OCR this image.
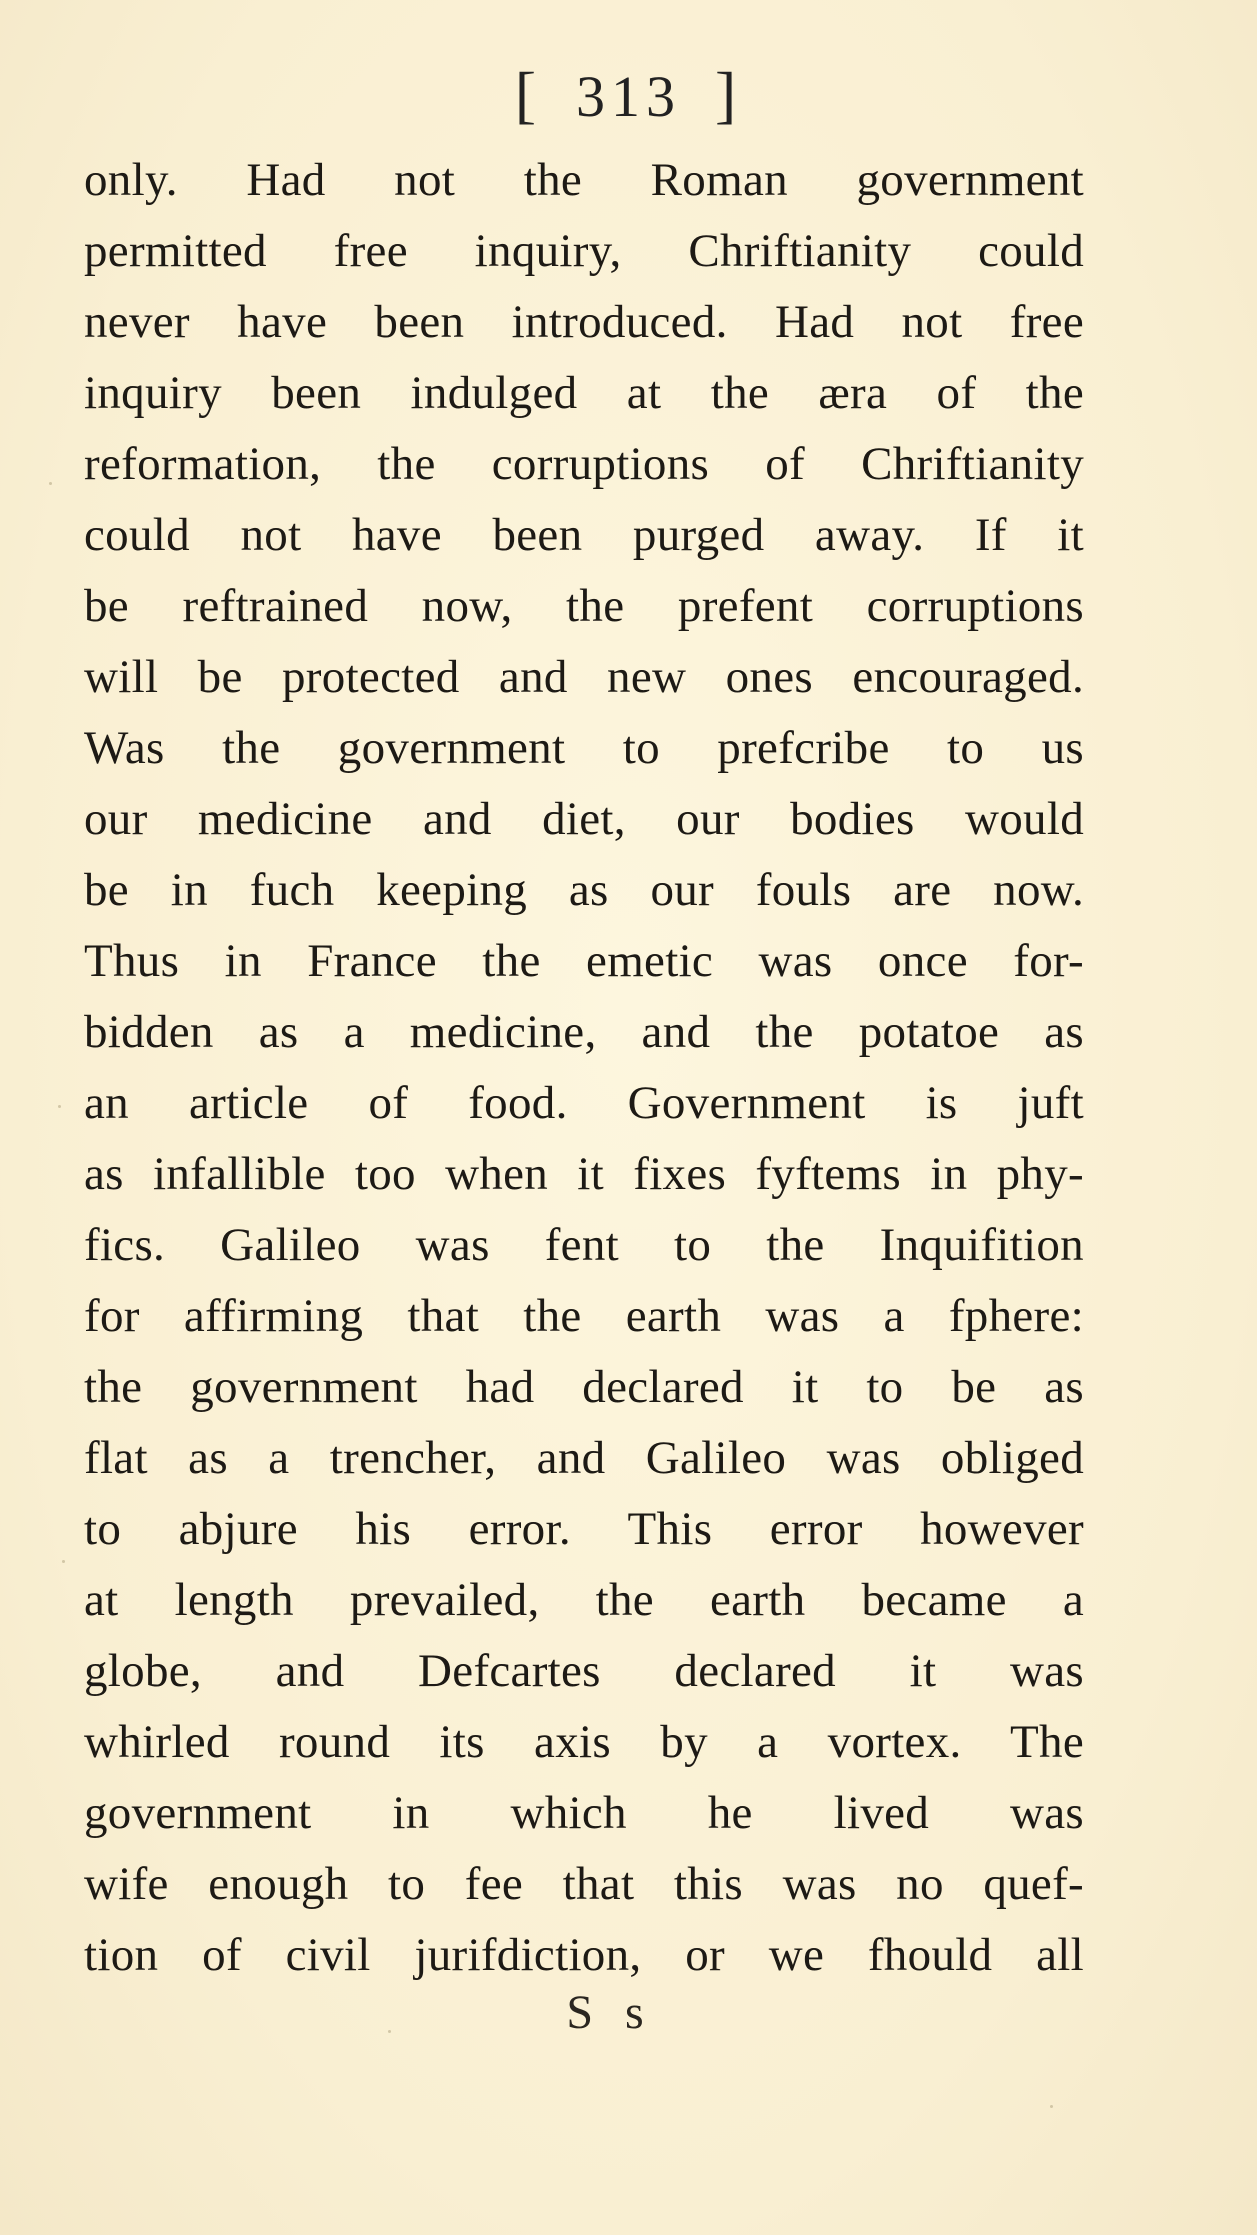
[ 313 ]
only. Had not the Roman government
permitted free inquiry, Chriftianity could
never have been introduced. Had not free
inquiry been indulged at the æra of the
reformation, the corruptions of Chriftianity
could not have been purged away. If it
be reftrained now, the prefent corruptions
will be protected and new ones encouraged.
Was the government to prefcribe to us
our medicine and diet, our bodies would
be in fuch keeping as our fouls are now.
Thus in France the emetic was once for-
bidden as a medicine, and the potatoe as
an article of food. Government is juft
as infallible too when it fixes fyftems in phy-
fics. Galileo was fent to the Inquifition
for affirming that the earth was a fphere:
the government had declared it to be as
flat as a trencher, and Galileo was obliged
to abjure his error. This error however
at length prevailed, the earth became a
globe, and Defcartes declared it was
whirled round its axis by a vortex. The
government in which he lived was
wife enough to fee that this was no quef-
tion of civil jurifdiction, or we fhould all
S s
